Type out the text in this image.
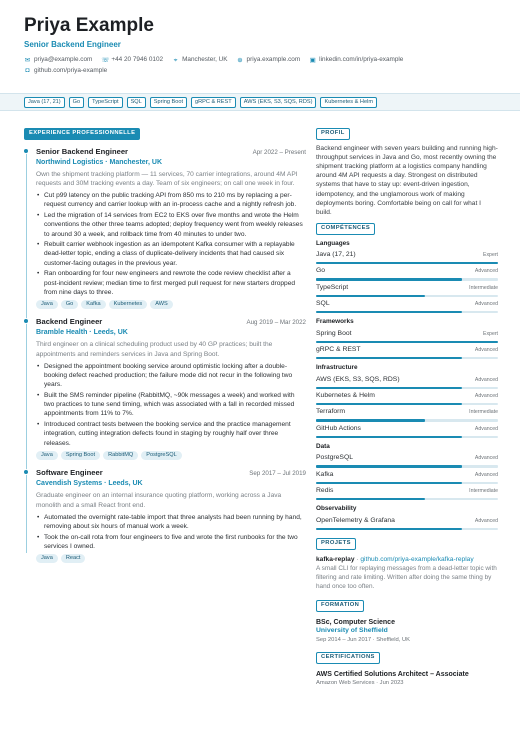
Priya Example
Senior Backend Engineer
✉ priya@example.com ☏ +44 20 7946 0102 ⌖ Manchester, UK ⊕ priya.example.com ▣ linkedin.com/in/priya-example
◘ github.com/priya-example
Java (17, 21)	Go	TypeScript	SQL	Spring Boot	gRPC & REST	AWS (EKS, S3, SQS, RDS)	Kubernetes & Helm
EXPERIENCE PROFESSIONNELLE
Senior Backend Engineer	Apr 2022 – Present
Northwind Logistics · Manchester, UK
Own the shipment tracking platform — 11 services, 70 carrier integrations, around 4M API requests and 30M tracking events a day. Team of six engineers; on call one week in four.
• Cut p99 latency on the public tracking API from 850 ms to 210 ms by replacing a per-request currency and carrier lookup with an in-process cache and a nightly refresh job.
• Led the migration of 14 services from EC2 to EKS over five months and wrote the Helm conventions the other three teams adopted; deploy frequency went from weekly releases to around 30 a week, and rollback time from 40 minutes to under two.
• Rebuilt carrier webhook ingestion as an idempotent Kafka consumer with a replayable dead-letter topic, ending a class of duplicate-delivery incidents that had caused six customer-facing outages in the previous year.
• Ran onboarding for four new engineers and rewrote the code review checklist after a post-incident review; median time to first merged pull request for new starters dropped from nine days to three.
Java	Go	Kafka	Kubernetes	AWS
Backend Engineer	Aug 2019 – Mar 2022
Bramble Health · Leeds, UK
Third engineer on a clinical scheduling product used by 40 GP practices; built the appointments and reminders services in Java and Spring Boot.
• Designed the appointment booking service around optimistic locking after a double-booking defect reached production; the failure mode did not recur in the following two years.
• Built the SMS reminder pipeline (RabbitMQ, ~90k messages a week) and worked with two practices to tune send timing, which was associated with a fall in recorded missed appointments from 11% to 7%.
• Introduced contract tests between the booking service and the practice management integration, cutting integration defects found in staging by roughly half over three releases.
Java	Spring Boot	RabbitMQ	PostgreSQL
Software Engineer	Sep 2017 – Jul 2019
Cavendish Systems · Leeds, UK
Graduate engineer on an internal insurance quoting platform, working across a Java monolith and a small React front end.
• Automated the overnight rate-table import that three analysts had been running by hand, removing about six hours of manual work a week.
• Took the on-call rota from four engineers to five and wrote the first runbooks for the two services I owned.
Java	React
PROFIL
Backend engineer with seven years building and running high-throughput services in Java and Go, most recently owning the shipment tracking platform at a logistics company handling around 4M API requests a day. Strongest on distributed systems that have to stay up: event-driven ingestion, idempotency, and the unglamorous work of making deployments boring. Comfortable being on call for what I build.
COMPÉTENCES
Languages
Java (17, 21)	Expert
Go	Advanced
TypeScript	Intermediate
SQL	Advanced
Frameworks
Spring Boot	Expert
gRPC & REST	Advanced
Infrastructure
AWS (EKS, S3, SQS, RDS)	Advanced
Kubernetes & Helm	Advanced
Terraform	Intermediate
GitHub Actions	Advanced
Data
PostgreSQL	Advanced
Kafka	Advanced
Redis	Intermediate
Observability
OpenTelemetry & Grafana	Advanced
PROJETS
kafka-replay · github.com/priya-example/kafka-replay
A small CLI for replaying messages from a dead-letter topic with filtering and rate limiting. Written after doing the same thing by hand once too often.
FORMATION
BSc, Computer Science
University of Sheffield
Sep 2014 – Jun 2017 · Sheffield, UK
CERTIFICATIONS
AWS Certified Solutions Architect – Associate
Amazon Web Services · Jun 2023
